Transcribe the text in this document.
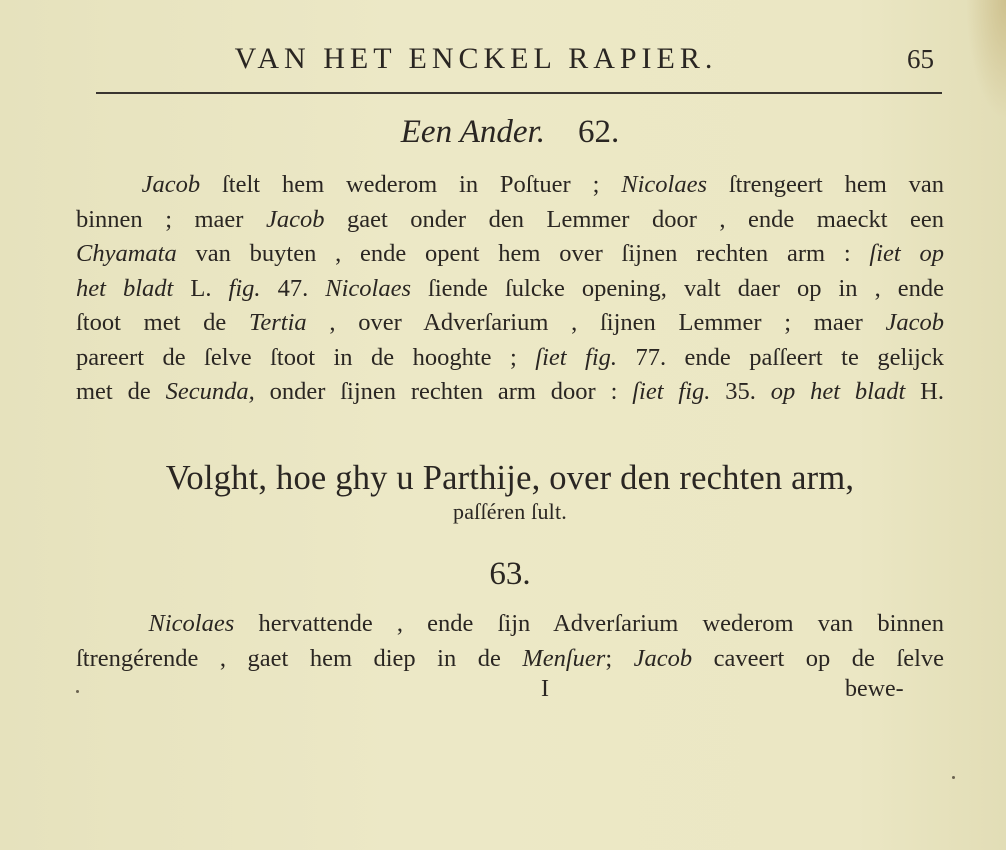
VAN HET ENCKEL RAPIER.	65
Een Ander. 62.
Jacob ſtelt hem wederom in Poſtuer ; Nicolaes ſtrengeert hem van
binnen ; maer Jacob gaet onder den Lemmer door , ende maeckt een
Chyamata van buyten , ende opent hem over ſijnen rechten arm : ſiet op
het bladt L. fig. 47. Nicolaes ſiende ſulcke opening, valt daer op in , ende
ſtoot met de Tertia , over Adverſarium , ſijnen Lemmer ; maer Jacob
pareert de ſelve ſtoot in de hooghte ; ſiet fig. 77. ende paſſeert te gelijck
met de Secunda, onder ſijnen rechten arm door : ſiet fig. 35. op het bladt H.
Volght, hoe ghy u Parthije, over den rechten arm,
paſſéren ſult.
63.
Nicolaes hervattende , ende ſijn Adverſarium wederom van binnen
ſtrengérende , gaet hem diep in de Menſuer; Jacob caveert op de ſelve
I	bewe-
